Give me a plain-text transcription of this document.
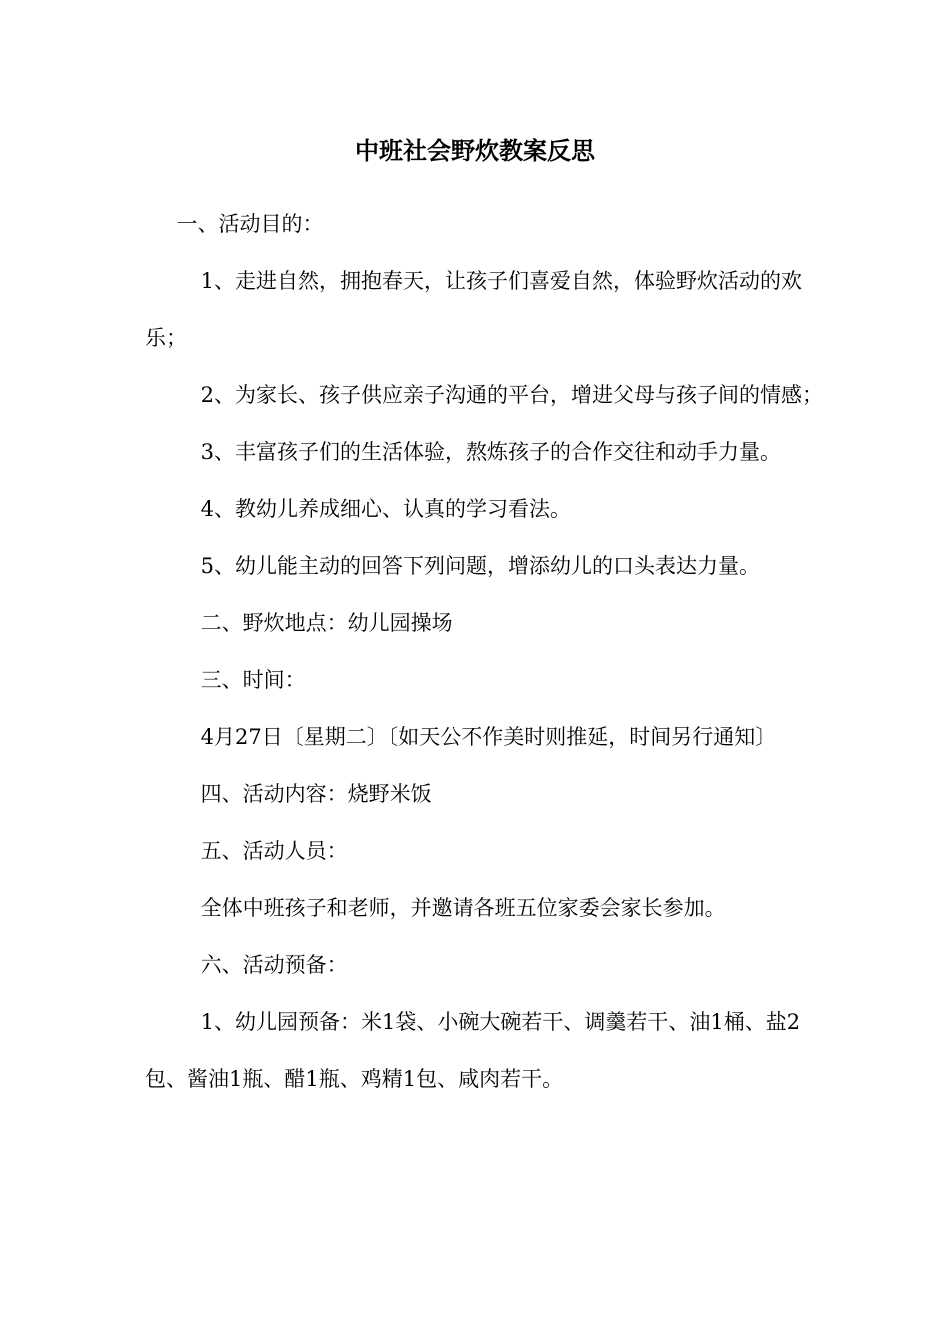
中班社会野炊教案反思

一、活动目的：

1、走进自然，拥抱春天，让孩子们喜爱自然，体验野炊活动的欢乐；

2、为家长、孩子供应亲子沟通的平台，增进父母与孩子间的情感；

3、丰富孩子们的生活体验，熬炼孩子的合作交往和动手力量。

4、教幼儿养成细心、认真的学习看法。

5、幼儿能主动的回答下列问题，增添幼儿的口头表达力量。

二、野炊地点：幼儿园操场

三、时间：

4月27日〔星期二〕〔如天公不作美时则推延，时间另行通知〕

四、活动内容：烧野米饭

五、活动人员：

全体中班孩子和老师，并邀请各班五位家委会家长参加。

六、活动预备：

1、幼儿园预备：米1袋、小碗大碗若干、调羹若干、油1桶、盐2包、酱油1瓶、醋1瓶、鸡精1包、咸肉若干。
